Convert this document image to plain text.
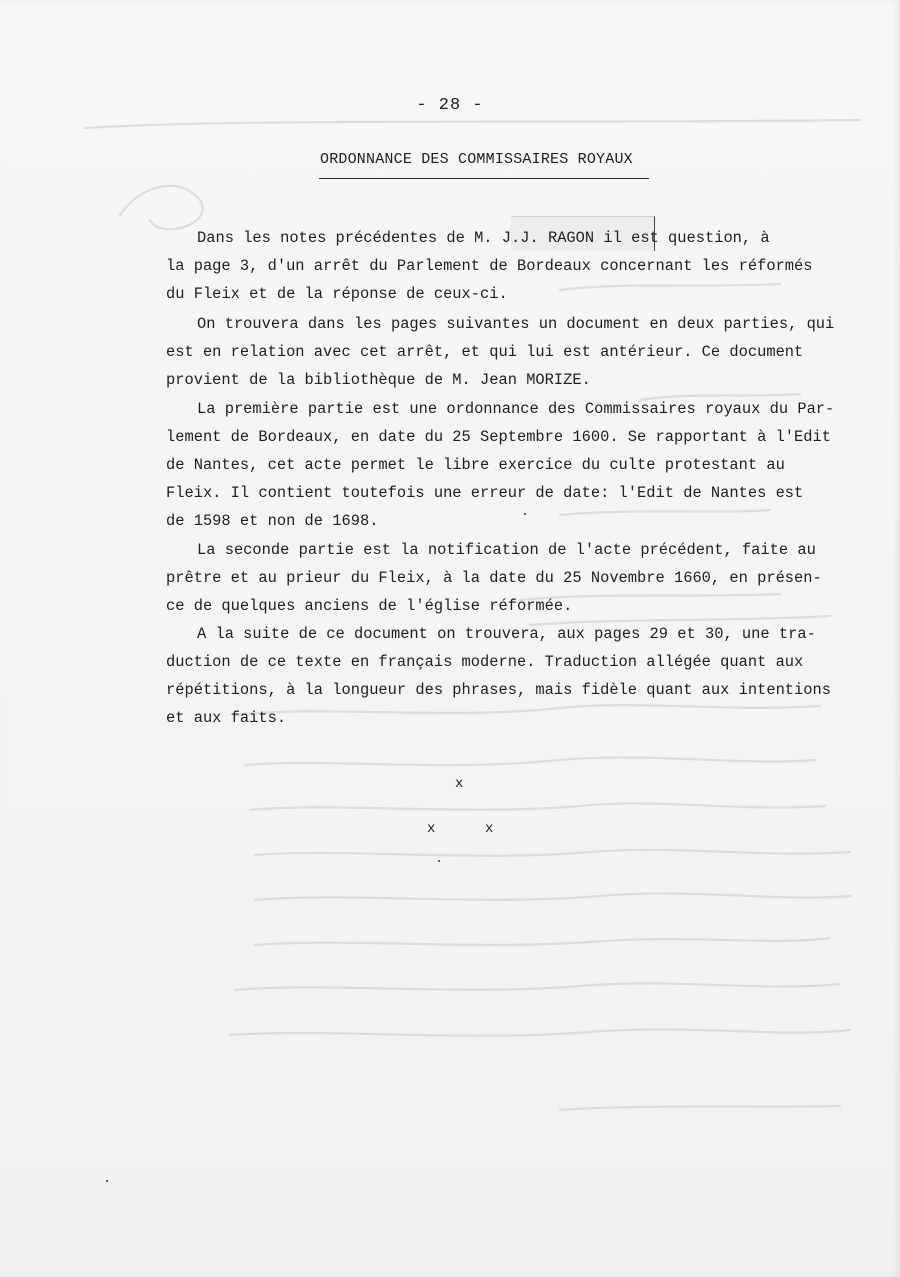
- 28 -
ORDONNANCE DES COMMISSAIRES ROYAUX
Dans les notes précédentes de M. J.J. RAGON il est question, à
la page 3, d'un arrêt du Parlement de Bordeaux concernant les réformés
du Fleix et de la réponse de ceux-ci.
On trouvera dans les pages suivantes un document en deux parties, qui
est en relation avec cet arrêt, et qui lui est antérieur. Ce document
provient de la bibliothèque de M. Jean MORIZE.
La première partie est une ordonnance des Commissaires royaux du Par-
lement de Bordeaux, en date du 25 Septembre 1600. Se rapportant à l'Edit
de Nantes, cet acte permet le libre exercice du culte protestant au
Fleix. Il contient toutefois une erreur de date: l'Edit de Nantes est
de 1598 et non de 1698.
La seconde partie est la notification de l'acte précédent, faite au
prêtre et au prieur du Fleix, à la date du 25 Novembre 1660, en présen-
ce de quelques anciens de l'église réformée.
A la suite de ce document on trouvera, aux pages 29 et 30, une tra-
duction de ce texte en français moderne. Traduction allégée quant aux
répétitions, à la longueur des phrases, mais fidèle quant aux intentions
et aux faits.
x
x	x
